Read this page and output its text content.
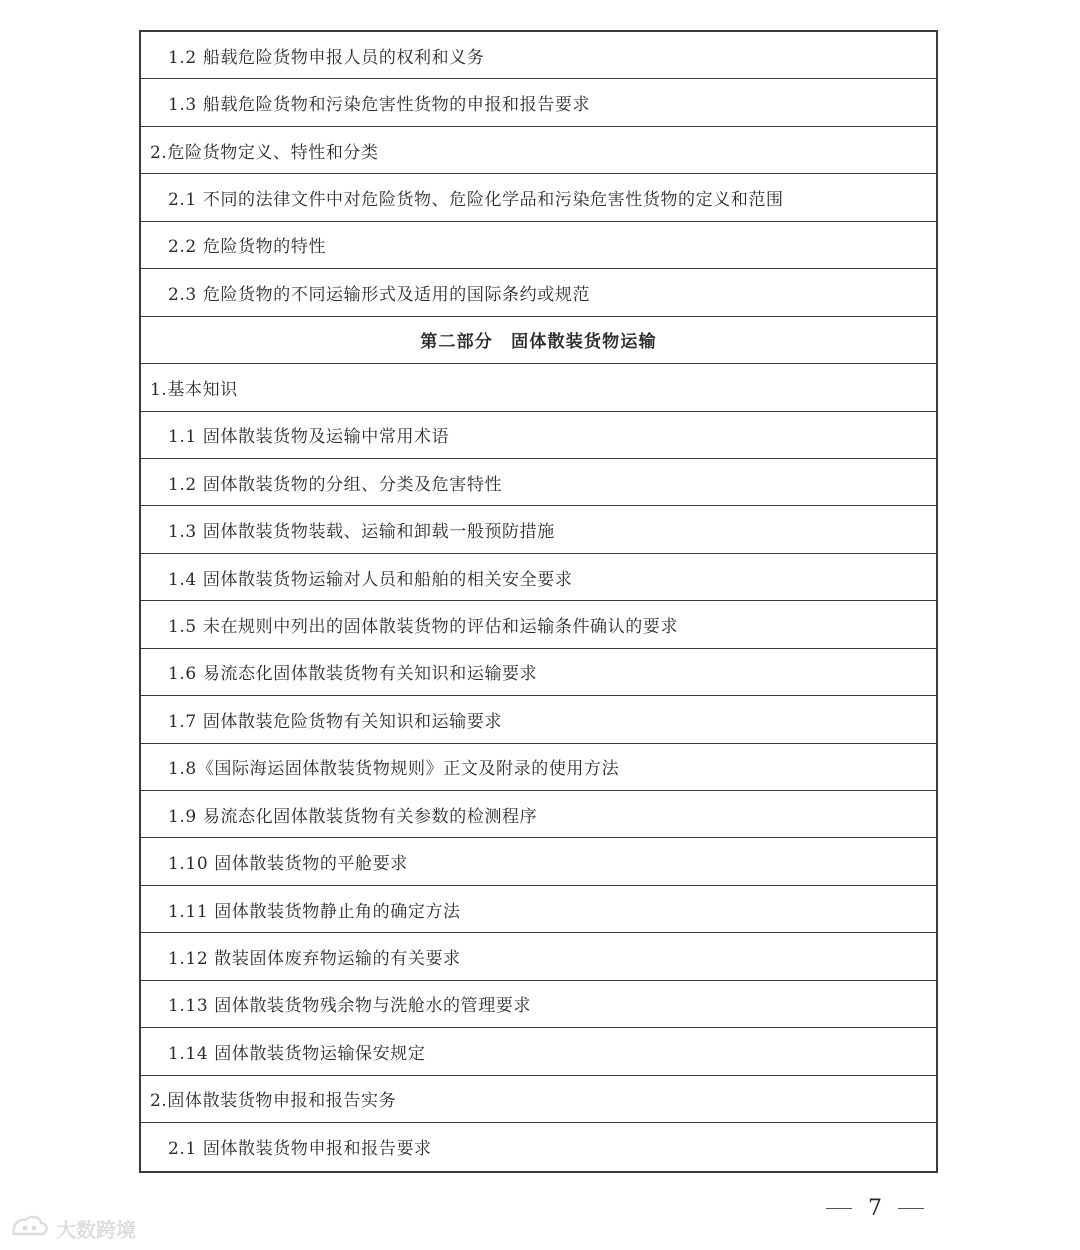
1.2 船载危险货物申报人员的权利和义务
1.3 船载危险货物和污染危害性货物的申报和报告要求
2.危险货物定义、特性和分类
2.1 不同的法律文件中对危险货物、危险化学品和污染危害性货物的定义和范围
2.2 危险货物的特性
2.3 危险货物的不同运输形式及适用的国际条约或规范
第二部分　固体散装货物运输
1.基本知识
1.1 固体散装货物及运输中常用术语
1.2 固体散装货物的分组、分类及危害特性
1.3 固体散装货物装载、运输和卸载一般预防措施
1.4 固体散装货物运输对人员和船舶的相关安全要求
1.5 未在规则中列出的固体散装货物的评估和运输条件确认的要求
1.6 易流态化固体散装货物有关知识和运输要求
1.7 固体散装危险货物有关知识和运输要求
1.8《国际海运固体散装货物规则》正文及附录的使用方法
1.9 易流态化固体散装货物有关参数的检测程序
1.10 固体散装货物的平舱要求
1.11 固体散装货物静止角的确定方法
1.12 散装固体废弃物运输的有关要求
1.13 固体散装货物残余物与洗舱水的管理要求
1.14 固体散装货物运输保安规定
2.固体散装货物申报和报告实务
2.1 固体散装货物申报和报告要求
7
大数跨境
